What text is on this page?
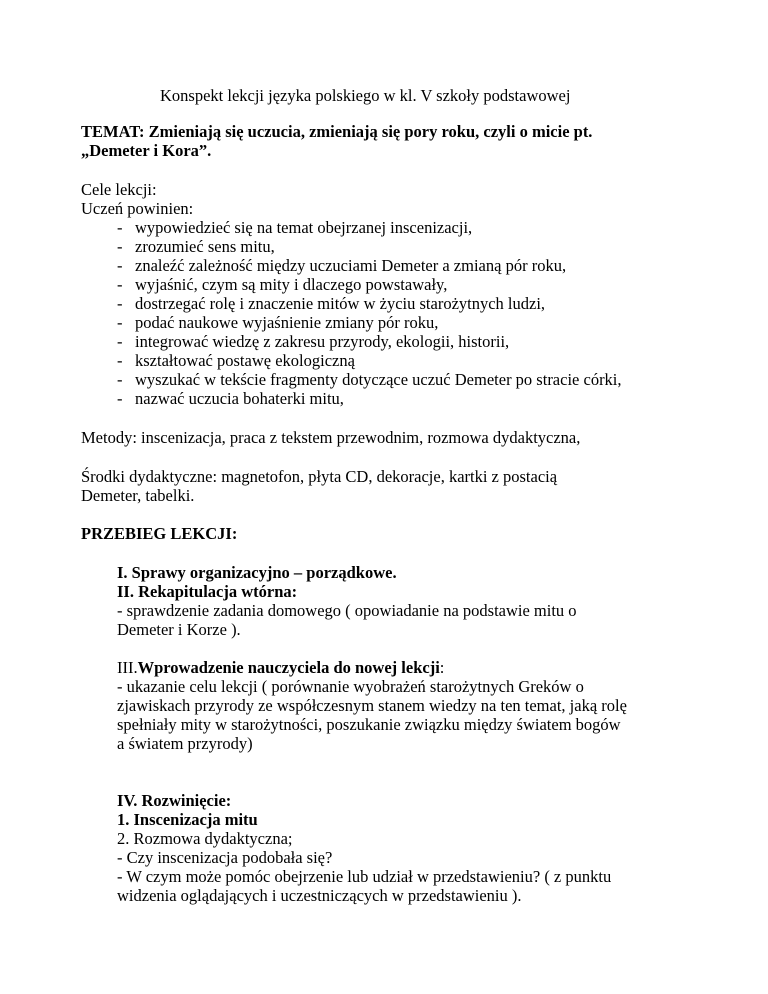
Konspekt lekcji języka polskiego w kl. V szkoły podstawowej
TEMAT: Zmieniają się uczucia, zmieniają się pory roku, czyli o micie pt.
„Demeter i Kora”.
Cele lekcji:
Uczeń powinien:
- wypowiedzieć się na temat obejrzanej inscenizacji,
- zrozumieć sens mitu,
- znaleźć zależność między uczuciami Demeter a zmianą pór roku,
- wyjaśnić, czym są mity i dlaczego powstawały,
- dostrzegać rolę i znaczenie mitów w życiu starożytnych ludzi,
- podać naukowe wyjaśnienie zmiany pór roku,
- integrować wiedzę z zakresu przyrody, ekologii, historii,
- kształtować postawę ekologiczną
- wyszukać w tekście fragmenty dotyczące uczuć Demeter po stracie córki,
- nazwać uczucia bohaterki mitu,
Metody: inscenizacja, praca z tekstem przewodnim, rozmowa dydaktyczna,
Środki dydaktyczne: magnetofon, płyta CD, dekoracje, kartki z postacią
Demeter, tabelki.
PRZEBIEG LEKCJI:
I. Sprawy organizacyjno – porządkowe.
II. Rekapitulacja wtórna:
- sprawdzenie zadania domowego ( opowiadanie na podstawie mitu o
Demeter i Korze ).
III.Wprowadzenie nauczyciela do nowej lekcji:
- ukazanie celu lekcji ( porównanie wyobrażeń starożytnych Greków o
zjawiskach przyrody ze współczesnym stanem wiedzy na ten temat, jaką rolę
spełniały mity w starożytności, poszukanie związku między światem bogów
a światem przyrody)
IV. Rozwinięcie:
1. Inscenizacja mitu
2. Rozmowa dydaktyczna;
- Czy inscenizacja podobała się?
- W czym może pomóc obejrzenie lub udział w przedstawieniu? ( z punktu
widzenia oglądających i uczestniczących w przedstawieniu ).
